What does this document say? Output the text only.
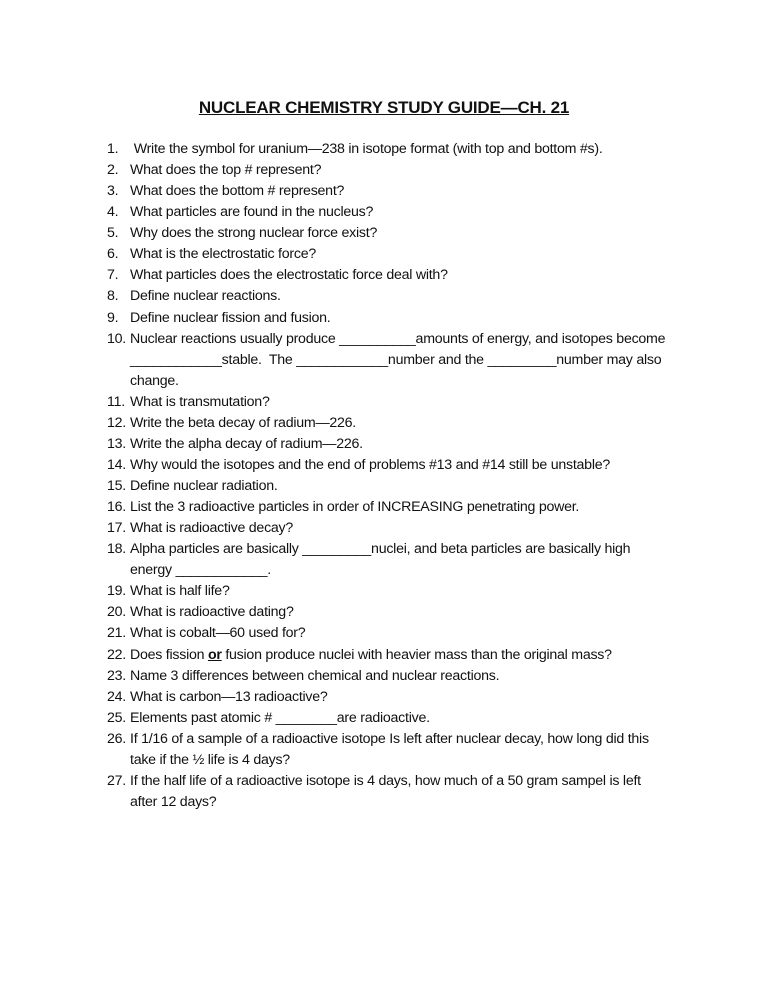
NUCLEAR CHEMISTRY STUDY GUIDE—CH. 21
1. Write the symbol for uranium—238 in isotope format (with top and bottom #s).
2. What does the top # represent?
3. What does the bottom # represent?
4. What particles are found in the nucleus?
5. Why does the strong nuclear force exist?
6. What is the electrostatic force?
7. What particles does the electrostatic force deal with?
8. Define nuclear reactions.
9. Define nuclear fission and fusion.
10. Nuclear reactions usually produce __________amounts of energy, and isotopes become
____________stable.  The ____________number and the _________number may also
change.
11. What is transmutation?
12. Write the beta decay of radium—226.
13. Write the alpha decay of radium—226.
14. Why would the isotopes and the end of problems #13 and #14 still be unstable?
15. Define nuclear radiation.
16. List the 3 radioactive particles in order of INCREASING penetrating power.
17. What is radioactive decay?
18. Alpha particles are basically _________nuclei, and beta particles are basically high
energy ____________.
19. What is half life?
20. What is radioactive dating?
21. What is cobalt—60 used for?
22. Does fission or fusion produce nuclei with heavier mass than the original mass?
23. Name 3 differences between chemical and nuclear reactions.
24. What is carbon—13 radioactive?
25. Elements past atomic # ________are radioactive.
26. If 1/16 of a sample of a radioactive isotope Is left after nuclear decay, how long did this
take if the ½ life is 4 days?
27. If the half life of a radioactive isotope is 4 days, how much of a 50 gram sampel is left
after 12 days?
